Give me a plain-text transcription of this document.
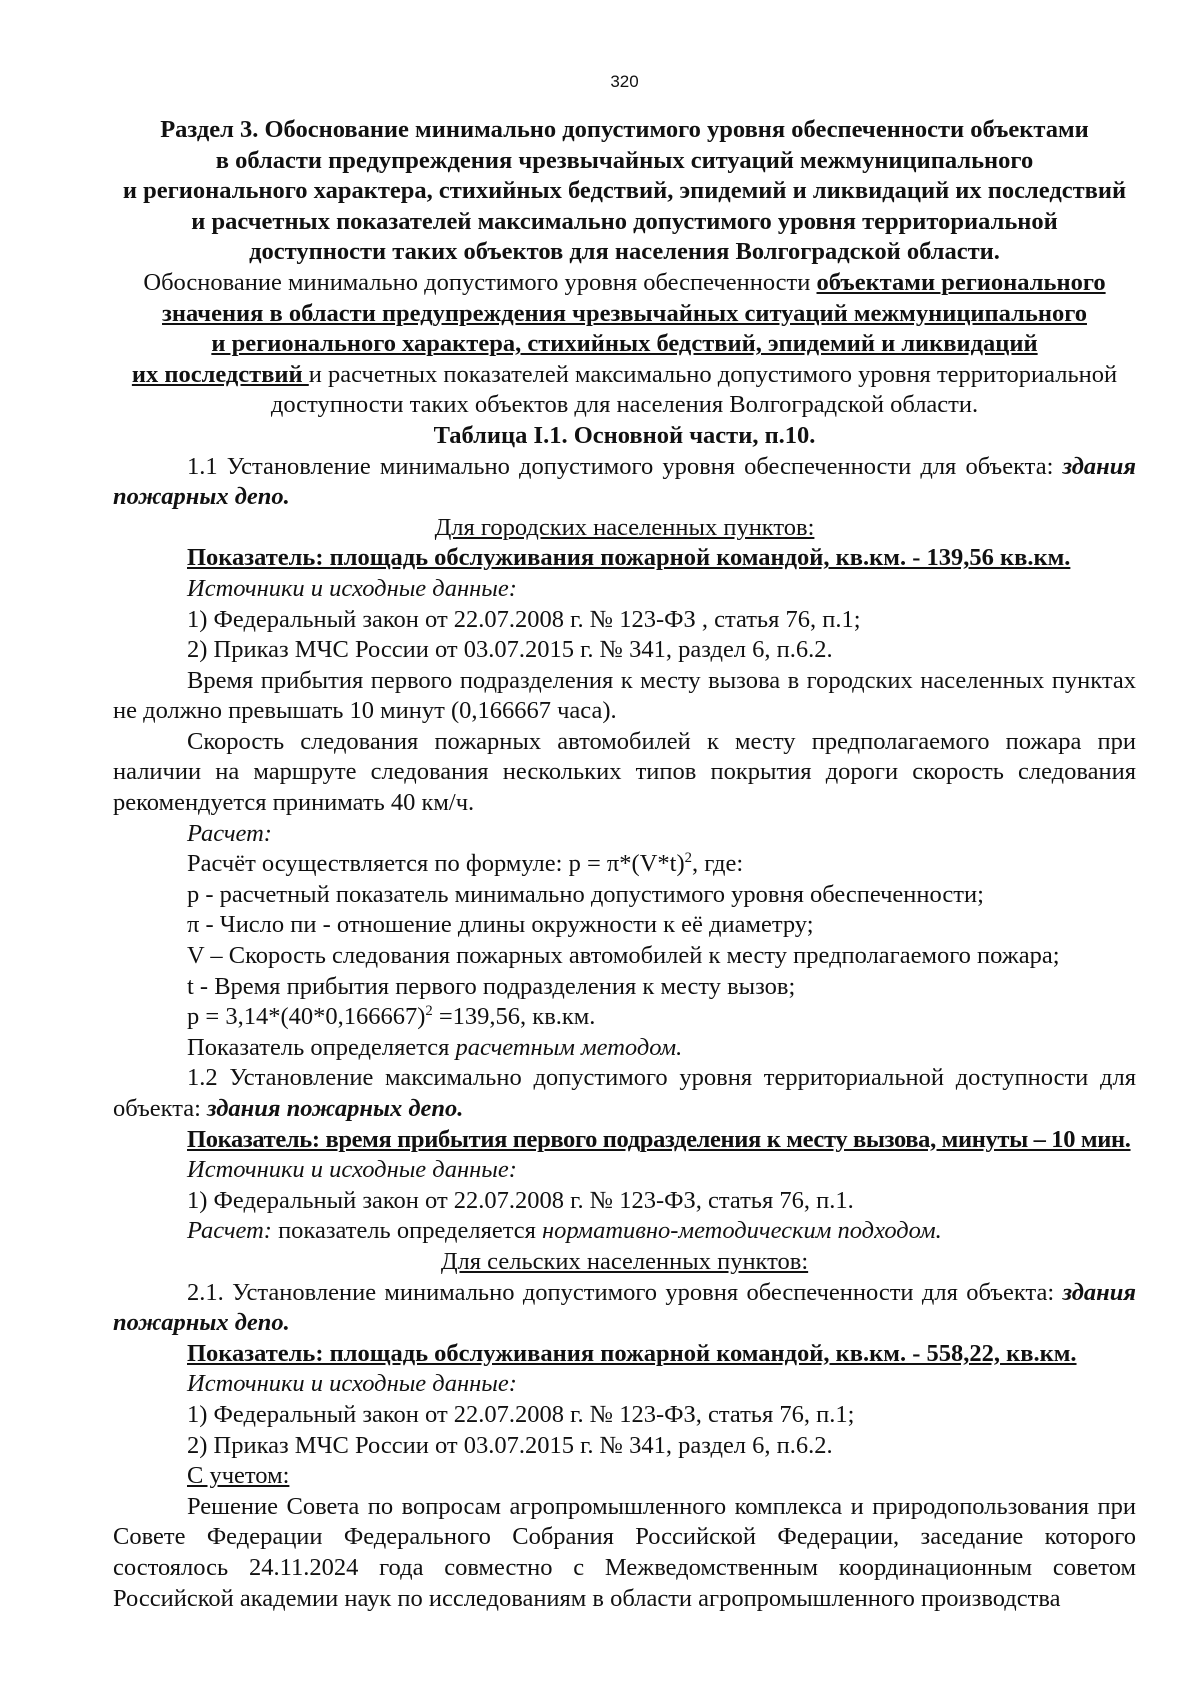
320

Раздел 3. Обоснование минимально допустимого уровня обеспеченности объектами

в области предупреждения чрезвычайных ситуаций межмуниципального

и регионального характера, стихийных бедствий, эпидемий и ликвидаций их последствий

и расчетных показателей максимально допустимого уровня территориальной

доступности таких объектов для населения Волгоградской области.

Обоснование минимально допустимого уровня обеспеченности объектами регионального

значения в области предупреждения чрезвычайных ситуаций межмуниципального

и регионального характера, стихийных бедствий, эпидемий и ликвидаций

их последствий и расчетных показателей максимально допустимого уровня территориальной

доступности таких объектов для населения Волгоградской области.

Таблица I.1. Основной части, п.10.

1.1 Установление минимально допустимого уровня обеспеченности для объекта: здания пожарных депо.

Для городских населенных пунктов:

Показатель: площадь обслуживания пожарной командой, кв.км. - 139,56 кв.км.

Источники и исходные данные:

1) Федеральный закон от 22.07.2008 г. № 123-ФЗ , статья 76, п.1;

2) Приказ МЧС России от 03.07.2015 г. № 341, раздел 6, п.6.2.

Время прибытия первого подразделения к месту вызова в городских населенных пунктах не должно превышать 10 минут (0,166667 часа).

Скорость следования пожарных автомобилей к месту предполагаемого пожара при наличии на маршруте следования нескольких типов покрытия дороги скорость следования рекомендуется принимать 40 км/ч.

Расчет:

Расчёт осуществляется по формуле: $p = \pi*(V*t)^2$, где:

p - расчетный показатель минимально допустимого уровня обеспеченности;

π - Число пи - отношение длины окружности к её диаметру;

V – Скорость следования пожарных автомобилей к месту предполагаемого пожара;

t - Время прибытия первого подразделения к месту вызов;

$p = 3,14*(40*0,166667)^2 =139,56$, кв.км.

Показатель определяется расчетным методом.

1.2 Установление максимально допустимого уровня территориальной доступности для объекта: здания пожарных депо.

Показатель: время прибытия первого подразделения к месту вызова, минуты – 10 мин.

Источники и исходные данные:

1) Федеральный закон от 22.07.2008 г. № 123-ФЗ, статья 76, п.1.

Расчет: показатель определяется нормативно-методическим подходом.

Для сельских населенных пунктов:

2.1. Установление минимально допустимого уровня обеспеченности для объекта: здания пожарных депо.

Показатель: площадь обслуживания пожарной командой, кв.км. - 558,22, кв.км.

Источники и исходные данные:

1) Федеральный закон от 22.07.2008 г. № 123-ФЗ, статья 76, п.1;

2) Приказ МЧС России от 03.07.2015 г. № 341, раздел 6, п.6.2.

С учетом:

Решение Совета по вопросам агропромышленного комплекса и природопользования при Совете Федерации Федерального Собрания Российской Федерации, заседание которого состоялось 24.11.2024 года совместно с Межведомственным координационным советом Российской академии наук по исследованиям в области агропромышленного производства
